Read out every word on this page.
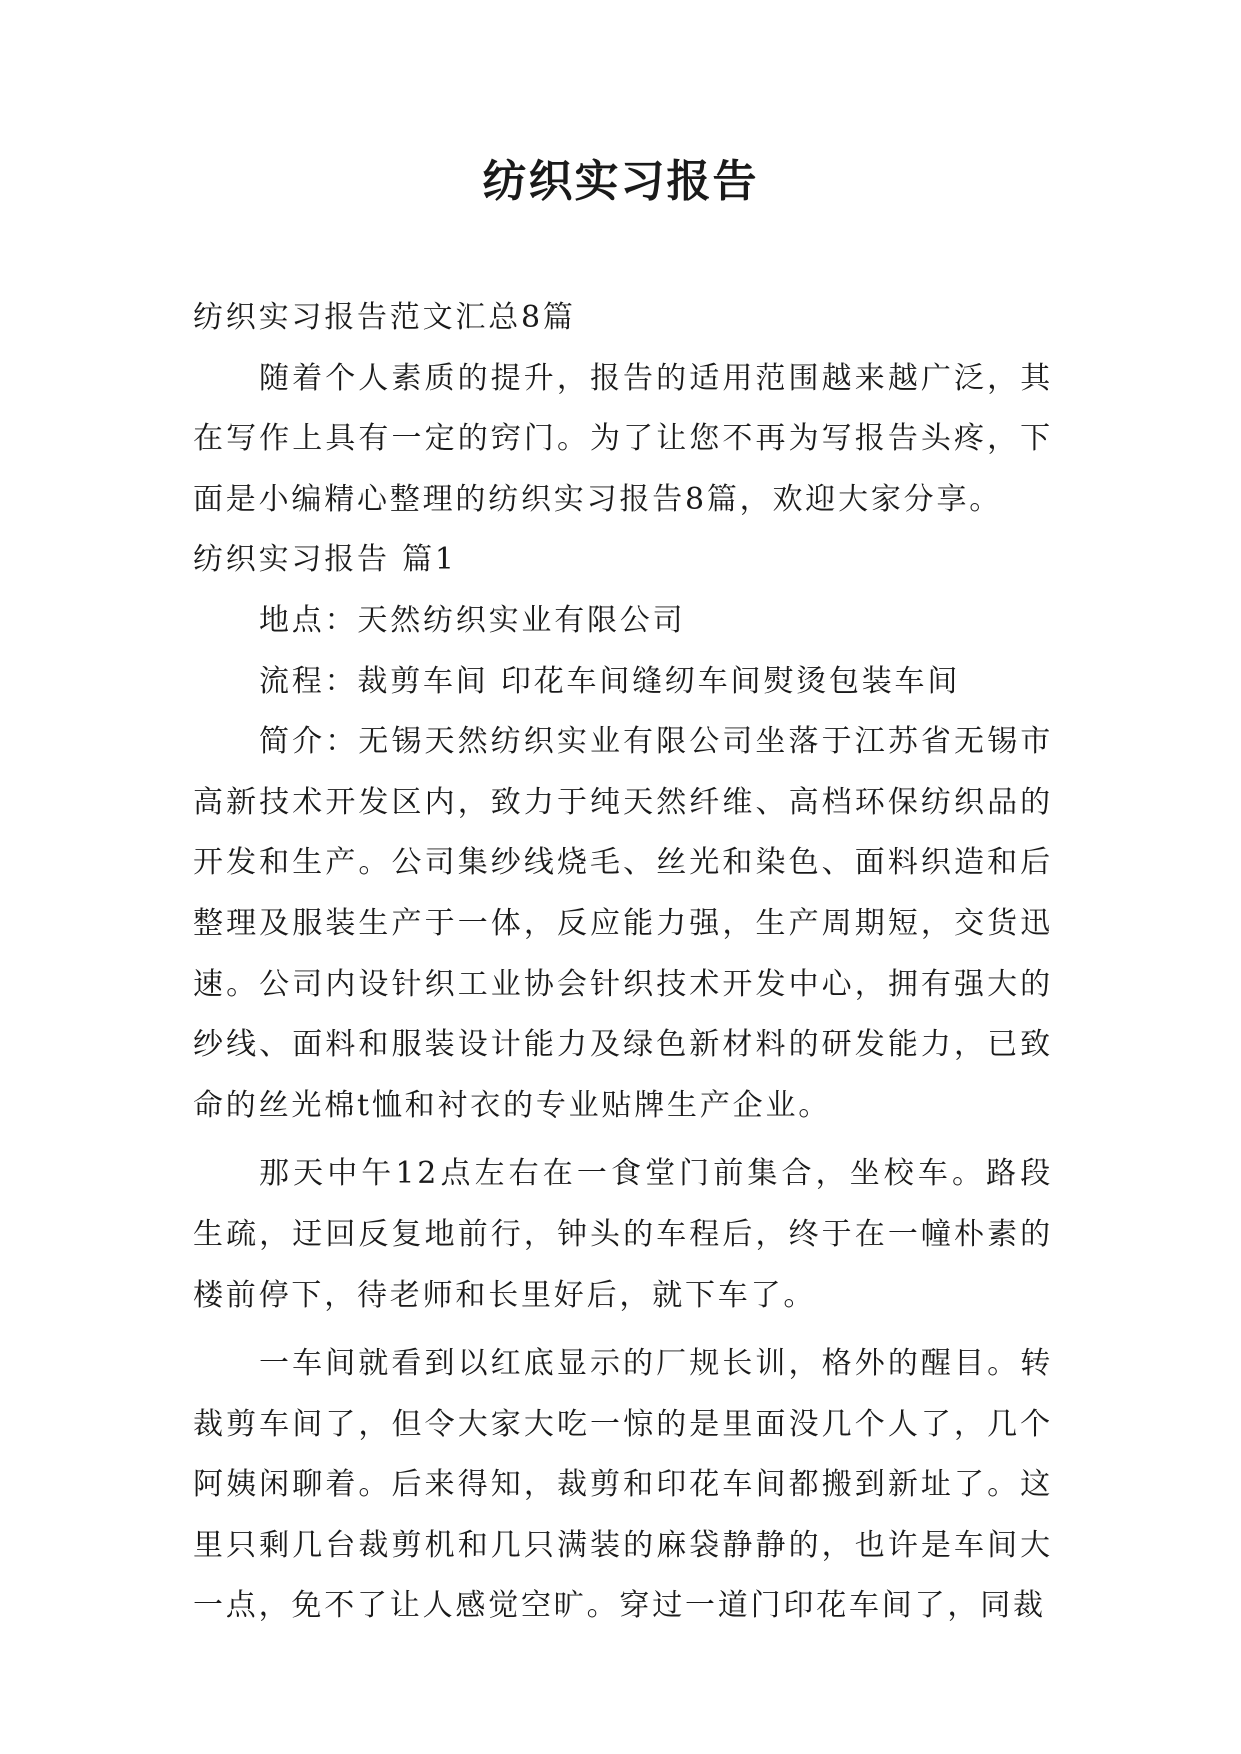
纺织实习报告

纺织实习报告范文汇总8篇

随着个人素质的提升，报告的适用范围越来越广泛，其在写作上具有一定的窍门。为了让您不再为写报告头疼，下面是小编精心整理的纺织实习报告8篇，欢迎大家分享。

纺织实习报告 篇1

地点：天然纺织实业有限公司

流程：裁剪车间 印花车间缝纫车间熨烫包装车间

简介：无锡天然纺织实业有限公司坐落于江苏省无锡市高新技术开发区内，致力于纯天然纤维、高档环保纺织品的开发和生产。公司集纱线烧毛、丝光和染色、面料织造和后整理及服装生产于一体，反应能力强，生产周期短，交货迅速。公司内设针织工业协会针织技术开发中心，拥有强大的纱线、面料和服装设计能力及绿色新材料的研发能力，已致命的丝光棉t恤和衬衣的专业贴牌生产企业。

那天中午12点左右在一食堂门前集合，坐校车。路段生疏，迂回反复地前行，钟头的车程后，终于在一幢朴素的楼前停下，待老师和长里好后，就下车了。

一车间就看到以红底显示的厂规长训，格外的醒目。转裁剪车间了，但令大家大吃一惊的是里面没几个人了，几个阿姨闲聊着。后来得知，裁剪和印花车间都搬到新址了。这里只剩几台裁剪机和几只满装的麻袋静静的，也许是车间大一点，免不了让人感觉空旷。穿过一道门印花车间了，同裁
